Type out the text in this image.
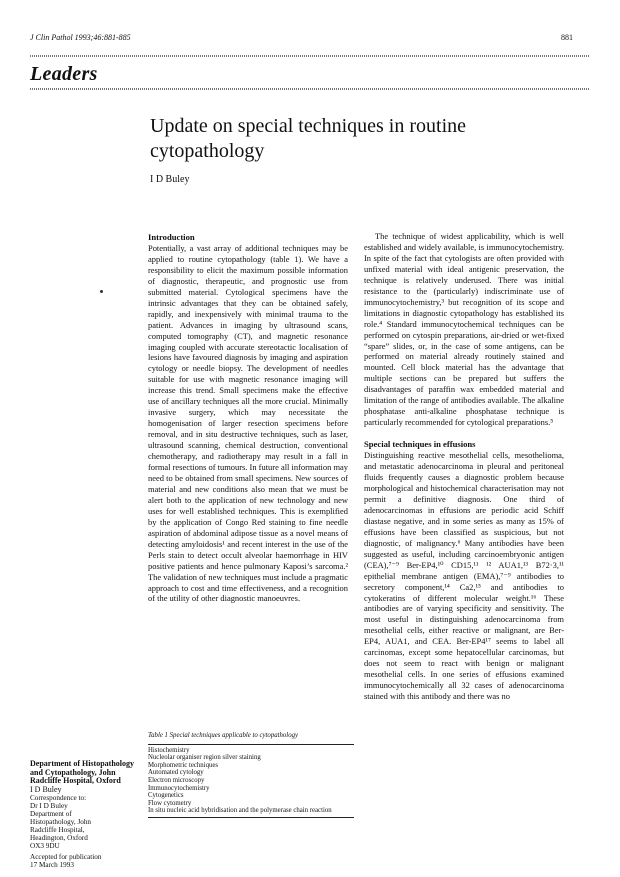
J Clin Pathol 1993;46:881-885	881
Leaders
Update on special techniques in routine cytopathology
I D Buley

Introduction

Potentially, a vast array of additional techniques may be applied to routine cytopathology (table 1). We have a responsibility to elicit the maximum possible information of diagnostic, therapeutic, and prognostic use from submitted material. Cytological specimens have the intrinsic advantages that they can be obtained safely, rapidly, and inexpensively with minimal trauma to the patient. Advances in imaging by ultrasound scans, computed tomography (CT), and magnetic resonance imaging coupled with accurate stereotactic localisation of lesions have favoured diagnosis by imaging and aspiration cytology or needle biopsy. The development of needles suitable for use with magnetic resonance imaging will increase this trend. Small specimens make the effective use of ancillary techniques all the more crucial. Minimally invasive surgery, which may necessitate the homogenisation of larger resection specimens before removal, and in situ destructive techniques, such as laser, ultrasound scanning, chemical destruction, conventional chemotherapy, and radiotherapy may result in a fall in formal resections of tumours. In future all information may need to be obtained from small specimens. New sources of material and new conditions also mean that we must be alert both to the application of new technology and new uses for well established techniques. This is exemplified by the application of Congo Red staining to fine needle aspiration of abdominal adipose tissue as a novel means of detecting amyloidosis¹ and recent interest in the use of the Perls stain to detect occult alveolar haemorrhage in HIV positive patients and hence pulmonary Kaposi’s sarcoma.² The validation of new techniques must include a pragmatic approach to cost and time effectiveness, and a recognition of the utility of other diagnostic manoeuvres.

The technique of widest applicability, which is well established and widely available, is immunocytochemistry. In spite of the fact that cytologists are often provided with unfixed material with ideal antigenic preservation, the technique is relatively underused. There was initial resistance to the (particularly) indiscriminate use of immunocytochemistry,³ but recognition of its scope and limitations in diagnostic cytopathology has established its role.⁴ Standard immunocytochemical techniques can be performed on cytospin preparations, air-dried or wet-fixed “spare” slides, or, in the case of some antigens, can be performed on material already routinely stained and mounted. Cell block material has the advantage that multiple sections can be prepared but suffers the disadvantages of paraffin wax embedded material and limitation of the range of antibodies available. The alkaline phosphatase anti-alkaline phosphatase technique is particularly recommended for cytological preparations.⁵

Special techniques in effusions

Distinguishing reactive mesothelial cells, mesothelioma, and metastatic adenocarcinoma in pleural and peritoneal fluids frequently causes a diagnostic problem because morphological and histochemical characterisation may not permit a definitive diagnosis. One third of adenocarcinomas in effusions are periodic acid Schiff diastase negative, and in some series as many as 15% of effusions have been classified as suspicious, but not diagnostic, of malignancy.⁶ Many antibodies have been suggested as useful, including carcinoembryonic antigen (CEA),⁷⁻⁹ Ber-EP4,¹⁰ CD15,¹¹ ¹² AUA1,¹³ B72·3,¹¹ epithelial membrane antigen (EMA),⁷⁻⁹ antibodies to secretory component,¹⁴ Ca2,¹⁵ and antibodies to cytokeratins of different molecular weight.¹⁶ These antibodies are of varying specificity and sensitivity. The most useful in distinguishing adenocarcinoma from mesothelial cells, either reactive or malignant, are Ber-EP4, AUA1, and CEA. Ber-EP4¹⁷ seems to label all carcinomas, except some hepatocellular carcinomas, but does not seem to react with benign or malignant mesothelial cells. In one series of effusions examined immunocytochemically all 32 cases of adenocarcinoma stained with this antibody and there was no

Table 1 Special techniques applicable to cytopathology
Histochemistry
Nucleolar organiser region silver staining
Morphometric techniques
Automated cytology
Electron microscopy
Immunocytochemistry
Cytogenetics
Flow cytometry
In situ nucleic acid hybridisation and the polymerase chain reaction
Department of Histopathology and Cytopathology, John Radcliffe Hospital, Oxford
I D Buley
Correspondence to:
Dr I D Buley
Department of
Histopathology, John
Radcliffe Hospital,
Headington, Oxford
OX3 9DU
Accepted for publication
17 March 1993
